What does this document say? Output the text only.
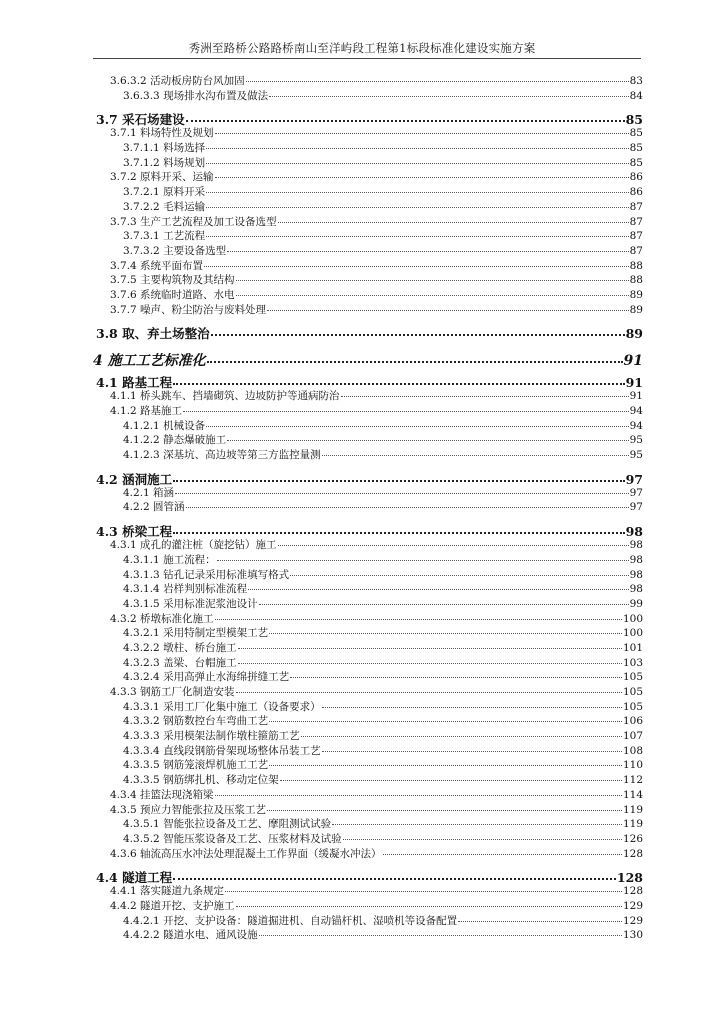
秀洲至路桥公路路桥南山至洋屿段工程第1标段标准化建设实施方案
3.6.3.2 活动板房防台风加固	83
3.6.3.3 现场排水沟布置及做法	84
3.7 采石场建设	85
3.7.1 料场特性及规划	85
3.7.1.1 料场选择	85
3.7.1.2 料场规划	85
3.7.2 原料开采、运输	86
3.7.2.1 原料开采	86
3.7.2.2 毛料运输	87
3.7.3 生产工艺流程及加工设备选型	87
3.7.3.1 工艺流程	87
3.7.3.2 主要设备选型	87
3.7.4 系统平面布置	88
3.7.5 主要构筑物及其结构	88
3.7.6 系统临时道路、水电	89
3.7.7 噪声、粉尘防治与废料处理	89
3.8 取、弃土场整治	89
4 施工工艺标准化	91
4.1 路基工程	91
4.1.1 桥头跳车、挡墙砌筑、边坡防护等通病防治	91
4.1.2 路基施工	94
4.1.2.1 机械设备	94
4.1.2.2 静态爆破施工	95
4.1.2.3 深基坑、高边坡等第三方监控量测	95
4.2 涵洞施工	97
4.2.1 箱涵	97
4.2.2 圆管涵	97
4.3 桥梁工程	98
4.3.1 成孔的灌注桩（旋挖钻）施工	98
4.3.1.1 施工流程：	98
4.3.1.3 钻孔记录采用标准填写格式	98
4.3.1.4 岩样判别标准流程	98
4.3.1.5 采用标准泥浆池设计	99
4.3.2 桥墩标准化施工	100
4.3.2.1 采用特制定型模架工艺	100
4.3.2.2 墩柱、桥台施工	101
4.3.2.3 盖梁、台帽施工	103
4.3.2.4 采用高弹止水海绵拼缝工艺	105
4.3.3 钢筋工厂化制造安装	105
4.3.3.1 采用工厂化集中施工（设备要求）	105
4.3.3.2 钢筋数控台车弯曲工艺	106
4.3.3.3 采用模架法制作墩柱箍筋工艺	107
4.3.3.4 直线段钢筋骨架现场整体吊装工艺	108
4.3.3.5 钢筋笼滚焊机施工工艺	110
4.3.3.5 钢筋绑扎机、移动定位架	112
4.3.4 挂篮法现浇箱梁	114
4.3.5 预应力智能张拉及压浆工艺	119
4.3.5.1 智能张拉设备及工艺、摩阻测试试验	119
4.3.5.2 智能压浆设备及工艺、压浆材料及试验	126
4.3.6 轴流高压水冲法处理混凝土工作界面（缓凝水冲法）	128
4.4 隧道工程	128
4.4.1 落实隧道九条规定	128
4.4.2 隧道开挖、支护施工	129
4.4.2.1 开挖、支护设备：隧道掘进机、自动锚杆机、湿喷机等设备配置	129
4.4.2.2 隧道水电、通风设施	130
